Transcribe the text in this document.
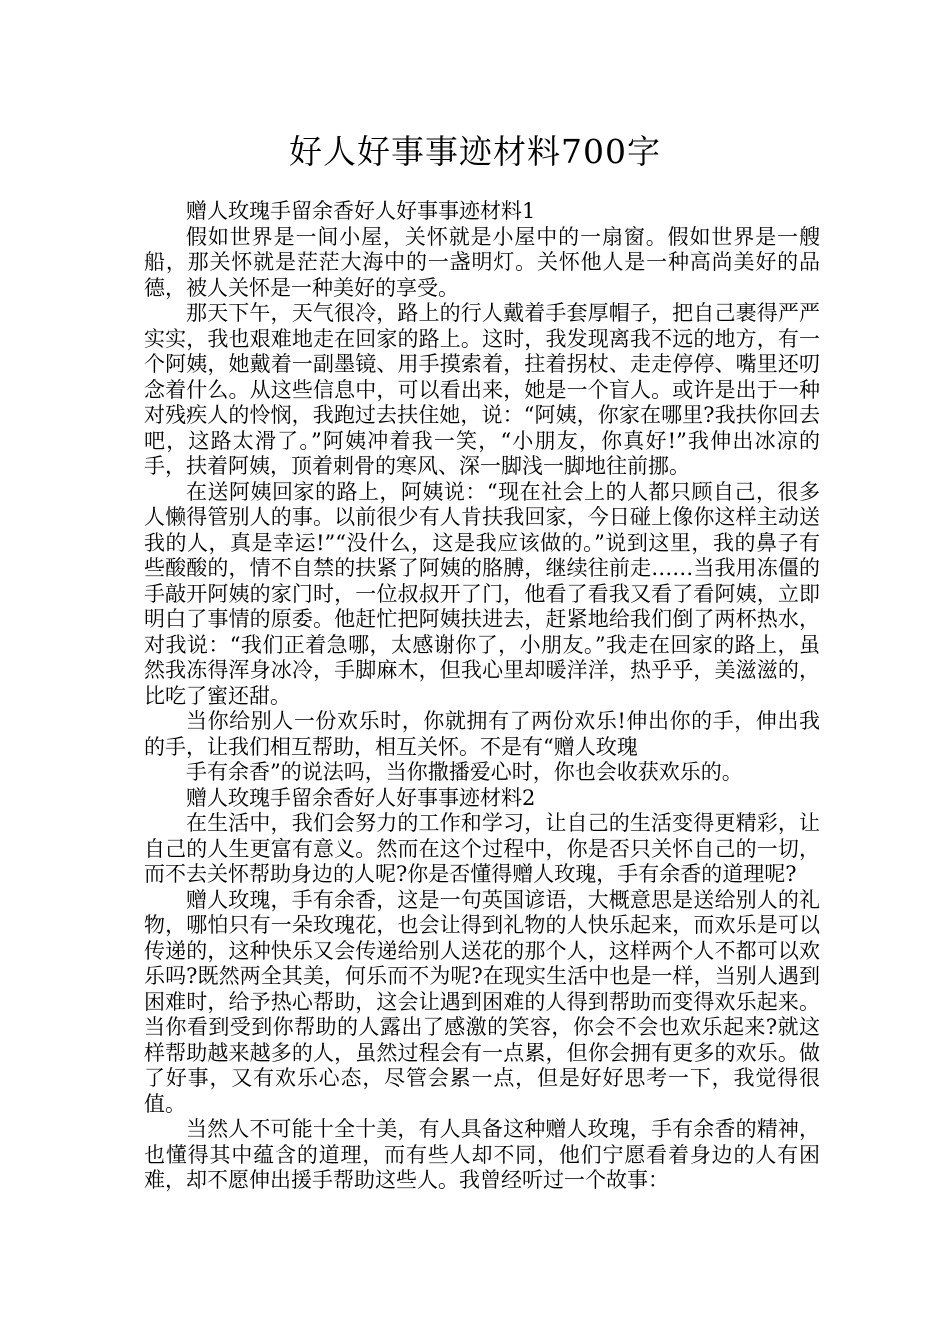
好人好事事迹材料700字

赠人玫瑰手留余香好人好事事迹材料1

假如世界是一间小屋，关怀就是小屋中的一扇窗。假如世界是一艘船，那关怀就是茫茫大海中的一盏明灯。关怀他人是一种高尚美好的品德，被人关怀是一种美好的享受。

那天下午，天气很冷，路上的行人戴着手套厚帽子，把自己裹得严严实实，我也艰难地走在回家的路上。这时，我发现离我不远的地方，有一个阿姨，她戴着一副墨镜、用手摸索着，拄着拐杖、走走停停、嘴里还叨念着什么。从这些信息中，可以看出来，她是一个盲人。或许是出于一种对残疾人的怜悯，我跑过去扶住她，说：“阿姨，你家在哪里?我扶你回去吧，这路太滑了。”阿姨冲着我一笑，“小朋友，你真好!”我伸出冰凉的手，扶着阿姨，顶着刺骨的寒风、深一脚浅一脚地往前挪。

在送阿姨回家的路上，阿姨说：“现在社会上的人都只顾自己，很多人懒得管别人的事。以前很少有人肯扶我回家，今日碰上像你这样主动送我的人，真是幸运!”“没什么，这是我应该做的。”说到这里，我的鼻子有些酸酸的，情不自禁的扶紧了阿姨的胳膊，继续往前走……当我用冻僵的手敲开阿姨的家门时，一位叔叔开了门，他看了看我又看了看阿姨，立即明白了事情的原委。他赶忙把阿姨扶进去，赶紧地给我们倒了两杯热水，对我说：“我们正着急哪，太感谢你了，小朋友。”我走在回家的路上，虽然我冻得浑身冰冷，手脚麻木，但我心里却暖洋洋，热乎乎，美滋滋的，比吃了蜜还甜。

当你给别人一份欢乐时，你就拥有了两份欢乐!伸出你的手，伸出我的手，让我们相互帮助，相互关怀。不是有“赠人玫瑰

手有余香”的说法吗，当你撒播爱心时，你也会收获欢乐的。

赠人玫瑰手留余香好人好事事迹材料2

在生活中，我们会努力的工作和学习，让自己的生活变得更精彩，让自己的人生更富有意义。然而在这个过程中，你是否只关怀自己的一切，而不去关怀帮助身边的人呢?你是否懂得赠人玫瑰，手有余香的道理呢?

赠人玫瑰，手有余香，这是一句英国谚语，大概意思是送给别人的礼物，哪怕只有一朵玫瑰花，也会让得到礼物的人快乐起来，而欢乐是可以传递的，这种快乐又会传递给别人送花的那个人，这样两个人不都可以欢乐吗?既然两全其美，何乐而不为呢?在现实生活中也是一样，当别人遇到困难时，给予热心帮助，这会让遇到困难的人得到帮助而变得欢乐起来。当你看到受到你帮助的人露出了感激的笑容，你会不会也欢乐起来?就这样帮助越来越多的人，虽然过程会有一点累，但你会拥有更多的欢乐。做了好事，又有欢乐心态，尽管会累一点，但是好好思考一下，我觉得很值。

当然人不可能十全十美，有人具备这种赠人玫瑰，手有余香的精神，也懂得其中蕴含的道理，而有些人却不同，他们宁愿看着身边的人有困难，却不愿伸出援手帮助这些人。我曾经听过一个故事：
